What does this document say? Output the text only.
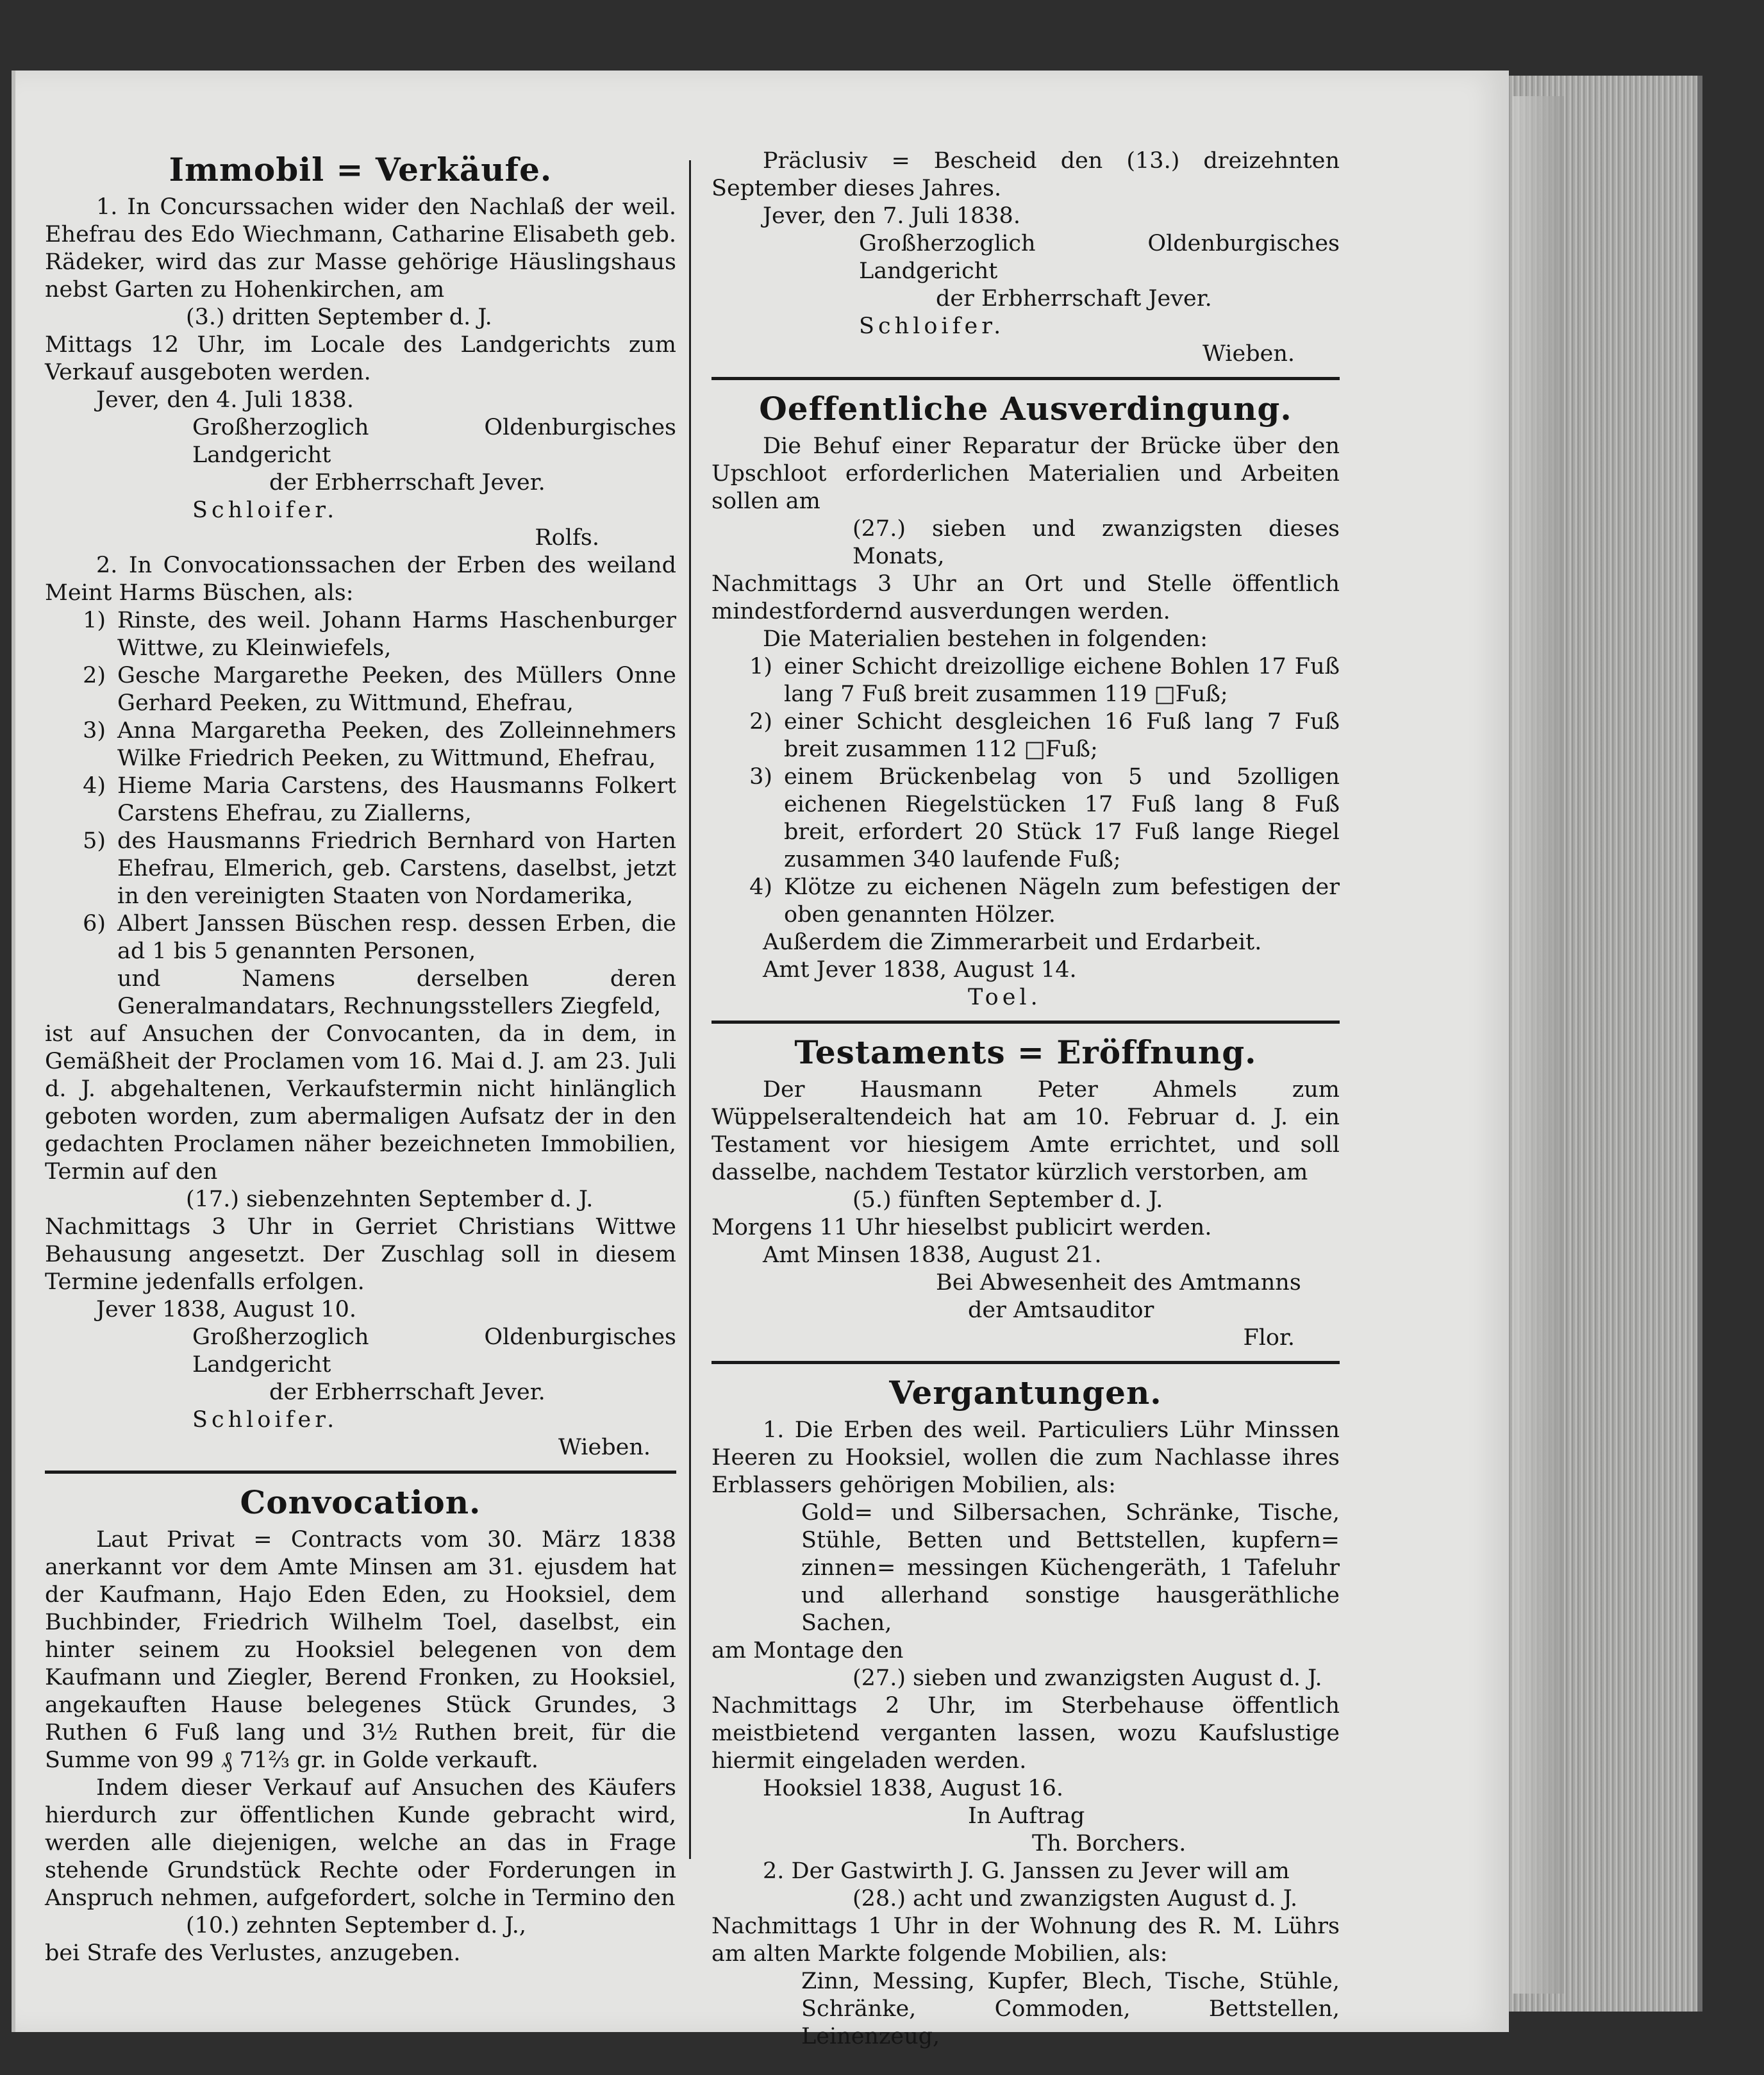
Immobil = Verkäufe.

1. In Concurssachen wider den Nachlaß der weil. Ehefrau des Edo Wiechmann, Catharine Elisabeth geb. Rädeker, wird das zur Masse gehörige Häuslingshaus nebst Garten zu Hohenkirchen, am

(3.) dritten September d. J.

Mittags 12 Uhr, im Locale des Landgerichts zum Verkauf ausgeboten werden.

Jever, den 4. Juli 1838.

Großherzoglich Oldenburgisches Landgericht

der Erbherrschaft Jever.

Schloifer.

Rolfs.

2. In Convocationssachen der Erben des weiland Meint Harms Büschen, als:

1) Rinste, des weil. Johann Harms Haschenburger Wittwe, zu Kleinwiefels,
2) Gesche Margarethe Peeken, des Müllers Onne Gerhard Peeken, zu Wittmund, Ehefrau,
3) Anna Margaretha Peeken, des Zolleinnehmers Wilke Friedrich Peeken, zu Wittmund, Ehefrau,
4) Hieme Maria Carstens, des Hausmanns Folkert Carstens Ehefrau, zu Ziallerns,
5) des Hausmanns Friedrich Bernhard von Harten Ehefrau, Elmerich, geb. Carstens, daselbst, jetzt in den vereinigten Staaten von Nordamerika,
6) Albert Janssen Büschen resp. dessen Erben, die ad 1 bis 5 genannten Personen,

und Namens derselben deren Generalmandatars, Rechnungsstellers Ziegfeld,

ist auf Ansuchen der Convocanten, da in dem, in Gemäßheit der Proclamen vom 16. Mai d. J. am 23. Juli d. J. abgehaltenen, Verkaufstermin nicht hinlänglich geboten worden, zum abermaligen Aufsatz der in den gedachten Proclamen näher bezeichneten Immobilien, Termin auf den

(17.) siebenzehnten September d. J.

Nachmittags 3 Uhr in Gerriet Christians Wittwe Behausung angesetzt. Der Zuschlag soll in diesem Termine jedenfalls erfolgen.

Jever 1838, August 10.

Großherzoglich Oldenburgisches Landgericht

der Erbherrschaft Jever.

Schloifer.

Wieben.

Convocation.

Laut Privat = Contracts vom 30. März 1838 anerkannt vor dem Amte Minsen am 31. ejusdem hat der Kaufmann, Hajo Eden Eden, zu Hooksiel, dem Buchbinder, Friedrich Wilhelm Toel, daselbst, ein hinter seinem zu Hooksiel belegenen von dem Kaufmann und Ziegler, Berend Fronken, zu Hooksiel, angekauften Hause belegenes Stück Grundes, 3 Ruthen 6 Fuß lang und 3½ Ruthen breit, für die Summe von 99 ₰ 71⅔ gr. in Golde verkauft.

Indem dieser Verkauf auf Ansuchen des Käufers hierdurch zur öffentlichen Kunde gebracht wird, werden alle diejenigen, welche an das in Frage stehende Grundstück Rechte oder Forderungen in Anspruch nehmen, aufgefordert, solche in Termino den

(10.) zehnten September d. J.,

bei Strafe des Verlustes, anzugeben.

Präclusiv = Bescheid den (13.) dreizehnten September dieses Jahres.

Jever, den 7. Juli 1838.

Großherzoglich Oldenburgisches Landgericht

der Erbherrschaft Jever.

Schloifer.

Wieben.

Oeffentliche Ausverdingung.

Die Behuf einer Reparatur der Brücke über den Upschloot erforderlichen Materialien und Arbeiten sollen am

(27.) sieben und zwanzigsten dieses Monats,

Nachmittags 3 Uhr an Ort und Stelle öffentlich mindestfordernd ausverdungen werden.

Die Materialien bestehen in folgenden:

1) einer Schicht dreizollige eichene Bohlen 17 Fuß lang 7 Fuß breit zusammen 119 □Fuß;
2) einer Schicht desgleichen 16 Fuß lang 7 Fuß breit zusammen 112 □Fuß;
3) einem Brückenbelag von 5 und 5zolligen eichenen Riegelstücken 17 Fuß lang 8 Fuß breit, erfordert 20 Stück 17 Fuß lange Riegel zusammen 340 laufende Fuß;
4) Klötze zu eichenen Nägeln zum befestigen der oben genannten Hölzer.

Außerdem die Zimmerarbeit und Erdarbeit.

Amt Jever 1838, August 14.

Toel.

Testaments = Eröffnung.

Der Hausmann Peter Ahmels zum Wüppelseraltendeich hat am 10. Februar d. J. ein Testament vor hiesigem Amte errichtet, und soll dasselbe, nachdem Testator kürzlich verstorben, am

(5.) fünften September d. J.

Morgens 11 Uhr hieselbst publicirt werden.

Amt Minsen 1838, August 21.

Bei Abwesenheit des Amtmanns

der Amtsauditor

Flor.

Vergantungen.

1. Die Erben des weil. Particuliers Lühr Minssen Heeren zu Hooksiel, wollen die zum Nachlasse ihres Erblassers gehörigen Mobilien, als:

Gold= und Silbersachen, Schränke, Tische, Stühle, Betten und Bettstellen, kupfern= zinnen= messingen Küchengeräth, 1 Tafeluhr und allerhand sonstige hausgeräthliche Sachen,

am Montage den

(27.) sieben und zwanzigsten August d. J.

Nachmittags 2 Uhr, im Sterbehause öffentlich meistbietend verganten lassen, wozu Kaufslustige hiermit eingeladen werden.

Hooksiel 1838, August 16.

In Auftrag

Th. Borchers.

2. Der Gastwirth J. G. Janssen zu Jever will am

(28.) acht und zwanzigsten August d. J.

Nachmittags 1 Uhr in der Wohnung des R. M. Lührs am alten Markte folgende Mobilien, als:

Zinn, Messing, Kupfer, Blech, Tische, Stühle, Schränke, Commoden, Bettstellen, Leinenzeug,
